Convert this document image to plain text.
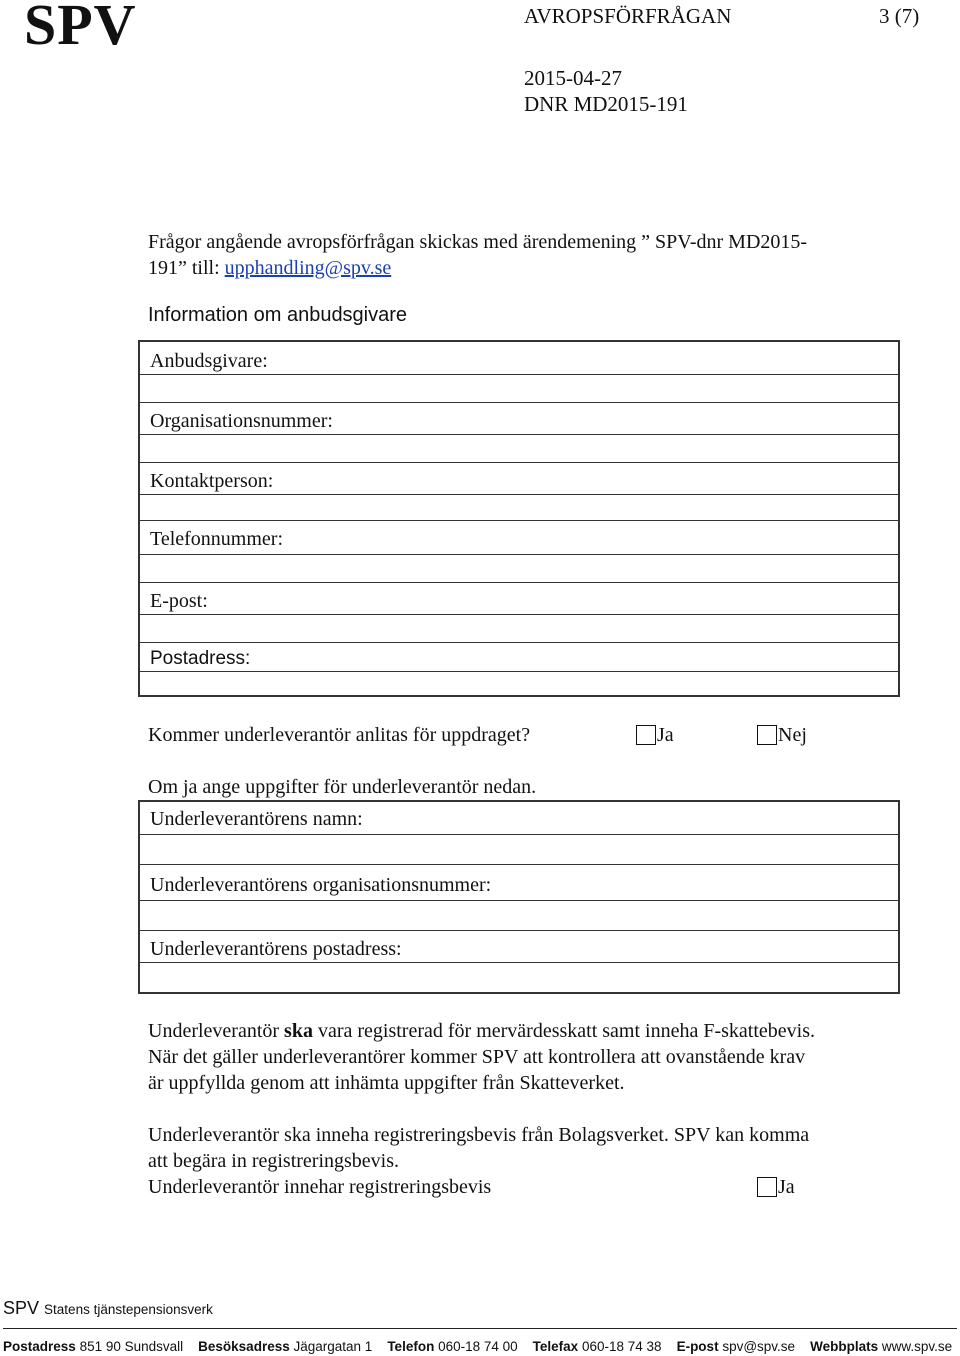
SPV	AVROPSFÖRFRÅGAN	3 (7)
2015-04-27
DNR MD2015-191
Frågor angående avropsförfrågan skickas med ärendemening ” SPV-dnr MD2015-
191” till: upphandling@spv.se
Information om anbudsgivare
Anbudsgivare:
Organisationsnummer:
Kontaktperson:
Telefonnummer:
E-post:
Postadress:
Kommer underleverantör anlitas för uppdraget?	Ja	Nej
Om ja ange uppgifter för underleverantör nedan.
Underleverantörens namn:
Underleverantörens organisationsnummer:
Underleverantörens postadress:
Underleverantör ska vara registrerad för mervärdesskatt samt inneha F-skattebevis.
När det gäller underleverantörer kommer SPV att kontrollera att ovanstående krav
är uppfyllda genom att inhämta uppgifter från Skatteverket.
Underleverantör ska inneha registreringsbevis från Bolagsverket. SPV kan komma
att begära in registreringsbevis.
Underleverantör innehar registreringsbevis	Ja
SPV Statens tjänstepensionsverk
Postadress 851 90 Sundsvall Besöksadress Jägargatan 1 Telefon 060-18 74 00 Telefax 060-18 74 38 E-post spv@spv.se Webbplats www.spv.se
